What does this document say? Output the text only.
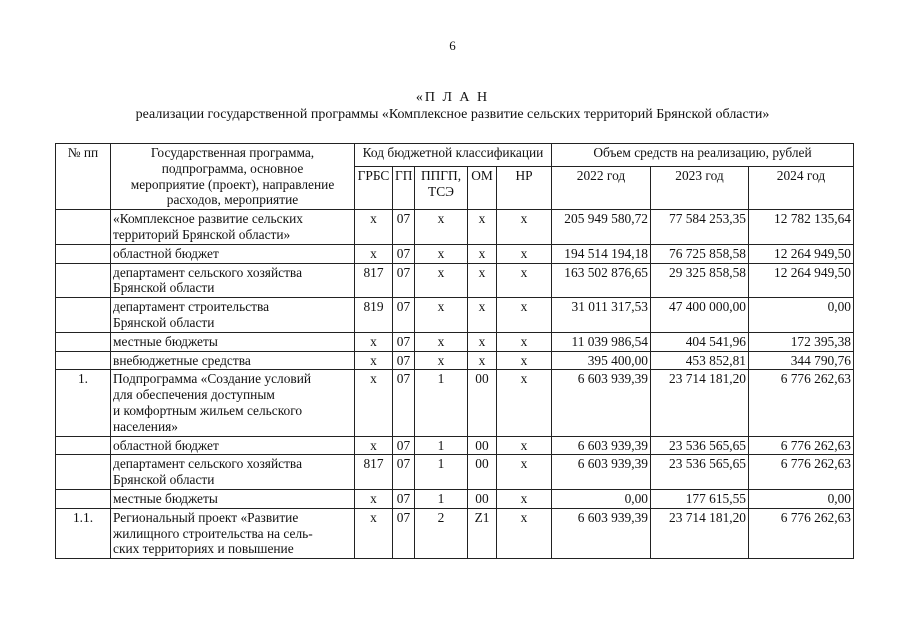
6
«П Л А Н
реализации государственной программы «Комплексное развитие сельских территорий Брянской области»
№ пп	Государственная программа,
подпрограмма, основное
мероприятие (проект), направление
расходов, мероприятие	Код бюджетной классификации					Объем средств на реализацию, рублей		
		ГРБС	ГП	ППГП,
ТСЭ	ОМ	НР	2022 год	2023 год	2024 год

	«Комплексное развитие сельских
территорий Брянской области»	х	07	х	х	х	205 949 580,72	77 584 253,35	12 782 135,64

	областной бюджет	х	07	х	х	х	194 514 194,18	76 725 858,58	12 264 949,50

	департамент сельского хозяйства
Брянской области	817	07	х	х	х	163 502 876,65	29 325 858,58	12 264 949,50

	департамент строительства
Брянской области	819	07	х	х	х	31 011 317,53	47 400 000,00	0,00

	местные бюджеты	х	07	х	х	х	11 039 986,54	404 541,96	172 395,38

	внебюджетные средства	х	07	х	х	х	395 400,00	453 852,81	344 790,76
1.	Подпрограмма «Создание условий
для обеспечения доступным
и комфортным жильем сельского
населения»	х	07	1	00	х	6 603 939,39	23 714 181,20	6 776 262,63

	областной бюджет	х	07	1	00	х	6 603 939,39	23 536 565,65	6 776 262,63

	департамент сельского хозяйства
Брянской области	817	07	1	00	х	6 603 939,39	23 536 565,65	6 776 262,63

	местные бюджеты	х	07	1	00	х	0,00	177 615,55	0,00
1.1.	Региональный проект «Развитие
жилищного строительства на сель-
ских территориях и повышение	х	07	2	Z1	х	6 603 939,39	23 714 181,20	6 776 262,63
